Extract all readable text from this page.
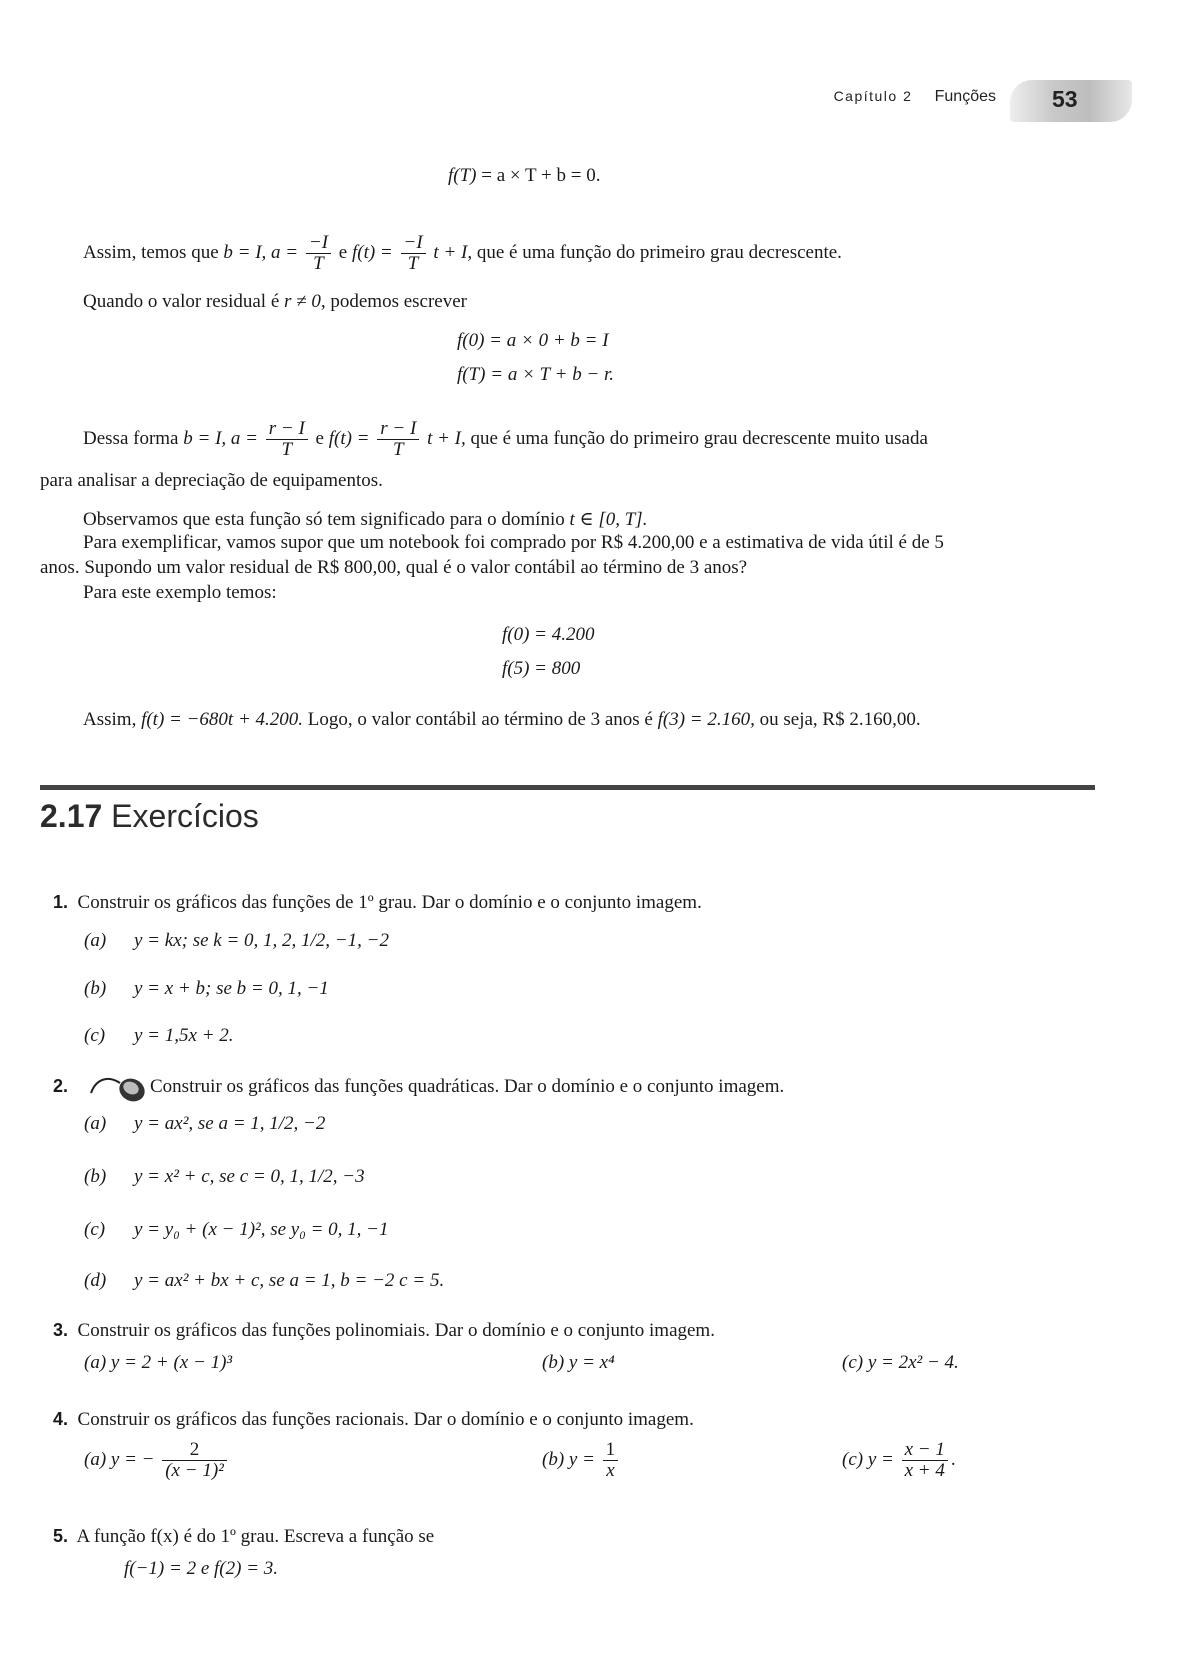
Capítulo 2 Funções 53
f(T) = a × T + b = 0.
Assim, temos que b = I, $a = \frac{-I}{T}$ e $f(t) = \frac{-I}{T}$ t + I, que é uma função do primeiro grau decrescente.
Quando o valor residual é r ≠ 0, podemos escrever
f(0) = a × 0 + b = I
f(T) = a × T + b − r.
Dessa forma b = I, $a = \frac{r - I}{T}$ e $f(t) = \frac{r - I}{T}$ t + I, que é uma função do primeiro grau decrescente muito usada
para analisar a depreciação de equipamentos.
Observamos que esta função só tem significado para o domínio t ∈ [0, T].
Para exemplificar, vamos supor que um notebook foi comprado por R$ 4.200,00 e a estimativa de vida útil é de 5
anos. Supondo um valor residual de R$ 800,00, qual é o valor contábil ao término de 3 anos?
Para este exemplo temos:
f(0) = 4.200
f(5) = 800
Assim, f(t) = −680t + 4.200. Logo, o valor contábil ao término de 3 anos é f(3) = 2.160, ou seja, R$ 2.160,00.
2.17 Exercícios
1. Construir os gráficos das funções de 1º grau. Dar o domínio e o conjunto imagem.
(a) y = kx; se k = 0, 1, 2, 1/2, −1, −2
(b) y = x + b; se b = 0, 1, −1
(c) y = 1,5x + 2.
2.	Construir os gráficos das funções quadráticas. Dar o domínio e o conjunto imagem.
(a) y = ax², se a = 1, 1/2, −2
(b) y = x² + c, se c = 0, 1, 1/2, −3
(c) y = y₀ + (x − 1)², se y₀ = 0, 1, −1
(d) y = ax² + bx + c, se a = 1, b = −2 c = 5.
3. Construir os gráficos das funções polinomiais. Dar o domínio e o conjunto imagem.
(a) y = 2 + (x − 1)³	(b) y = x⁴	(c) y = 2x² − 4.
4. Construir os gráficos das funções racionais. Dar o domínio e o conjunto imagem.
(a) y = − $\frac{2}{\text{(x − 1)²}}$	(b) $y = \frac{1}{x}$	(c) $y = \frac{x - 1}{x + 4}$ .
5. A função f(x) é do 1º grau. Escreva a função se
f(−1) = 2 e f(2) = 3.
